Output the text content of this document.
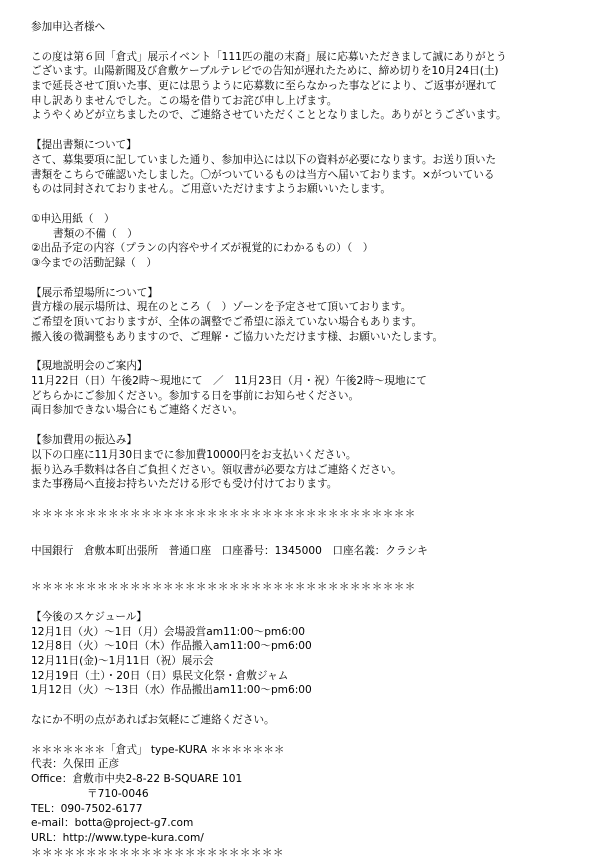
参加申込者様へ
この度は第６回「倉式」展示イベント「111匹の龍の末裔」展に応募いただきまして誠にありがとう
ございます。山陽新聞及び倉敷ケーブルテレビでの告知が遅れたために、締め切りを10月24日(土)
まで延長させて頂いた事、更には思うように応募数に至らなかった事などにより、ご返事が遅れて
申し訳ありませんでした。この場を借りてお詫び申し上げます。
ようやくめどが立ちましたので、ご連絡させていただくこととなりました。ありがとうございます。
【提出書類について】
さて、募集要項に記していました通り、参加申込には以下の資料が必要になります。お送り頂いた
書類をこちらで確認いたしました。〇がついているものは当方へ届いております。×がついている
ものは同封されておりません。ご用意いただけますようお願いいたします。
①申込用紙（　）
書類の不備（　）
②出品予定の内容（プランの内容やサイズが視覚的にわかるもの）（　）
③今までの活動記録（　）
【展示希望場所について】
貴方様の展示場所は、現在のところ（　）ゾーンを予定させて頂いております。
ご希望を頂いておりますが、全体の調整でご希望に添えていない場合もあります。
搬入後の微調整もありますので、ご理解・ご協力いただけます様、お願いいたします。
【現地説明会のご案内】
11月22日（日）午後2時～現地にて　／　11月23日（月・祝）午後2時～現地にて
どちらかにご参加ください。参加する日を事前にお知らせください。
両日参加できない場合にもご連絡ください。
【参加費用の振込み】
以下の口座に11月30日までに参加費10000円をお支払いください。
振り込み手数料は各自ご負担ください。領収書が必要な方はご連絡ください。
また事務局へ直接お持ちいただける形でも受け付けております。
＊＊＊＊＊＊＊＊＊＊＊＊＊＊＊＊＊＊＊＊＊＊＊＊＊＊＊＊＊＊＊＊＊＊＊
中国銀行　倉敷本町出張所　普通口座　口座番号：1345000　口座名義：クラシキ
＊＊＊＊＊＊＊＊＊＊＊＊＊＊＊＊＊＊＊＊＊＊＊＊＊＊＊＊＊＊＊＊＊＊＊
【今後のスケジュール】
12月1日（火）～1日（月）会場設営am11:00～pm6:00
12月8日（火）～10日（木）作品搬入am11:00～pm6:00
12月11日(金)～1月11日（祝）展示会
12月19日（土）・20日（日）県民文化祭・倉敷ジャム
1月12日（火）～13日（水）作品搬出am11:00～pm6:00
なにか不明の点があればお気軽にご連絡ください。
＊＊＊＊＊＊＊「倉式」 type-KURA ＊＊＊＊＊＊＊
代表：久保田 正彦
Office：倉敷市中央2-8-22 B-SQUARE 101
〒710-0046
TEL：090-7502-6177
e-mail：botta@project-g7.com
URL：http://www.type-kura.com/
＊＊＊＊＊＊＊＊＊＊＊＊＊＊＊＊＊＊＊＊＊＊＊
